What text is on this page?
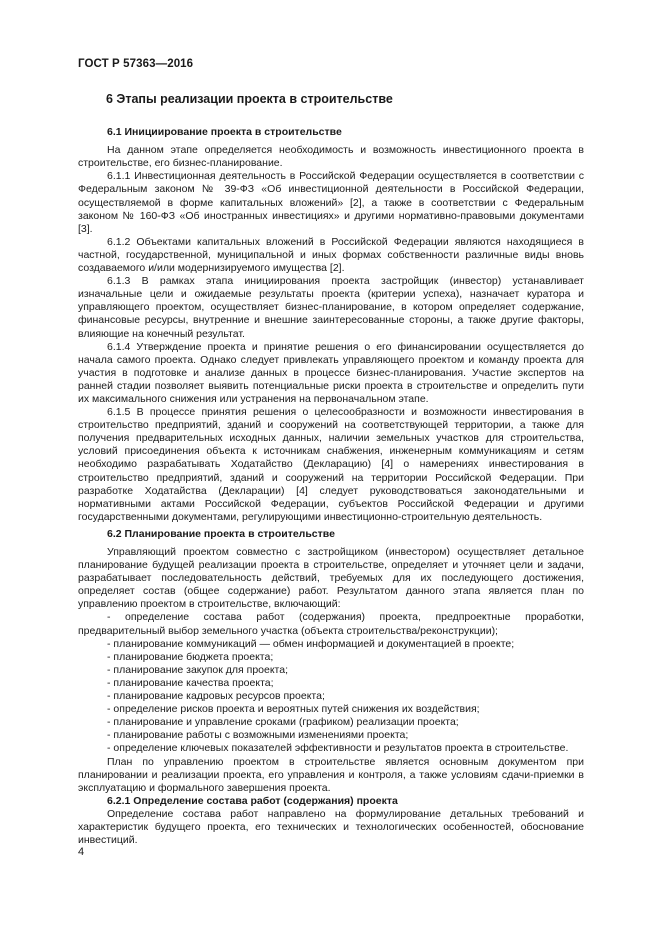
ГОСТ Р 57363—2016

6 Этапы реализации проекта в строительстве

6.1 Инициирование проекта в строительстве

На данном этапе определяется необходимость и возможность инвестиционного проекта в строительстве, его бизнес-планирование.

6.1.1 Инвестиционная деятельность в Российской Федерации осуществляется в соответствии с Федеральным законом № 39-ФЗ «Об инвестиционной деятельности в Российской Федерации, осуществляемой в форме капитальных вложений» [2], а также в соответствии с Федеральным законом № 160-ФЗ «Об иностранных инвестициях» и другими нормативно-правовыми документами [3].

6.1.2 Объектами капитальных вложений в Российской Федерации являются находящиеся в частной, государственной, муниципальной и иных формах собственности различные виды вновь создаваемого и/или модернизируемого имущества [2].

6.1.3 В рамках этапа инициирования проекта застройщик (инвестор) устанавливает изначальные цели и ожидаемые результаты проекта (критерии успеха), назначает куратора и управляющего проектом, осуществляет бизнес-планирование, в котором определяет содержание, финансовые ресурсы, внутренние и внешние заинтересованные стороны, а также другие факторы, влияющие на конечный результат.

6.1.4 Утверждение проекта и принятие решения о его финансировании осуществляется до начала самого проекта. Однако следует привлекать управляющего проектом и команду проекта для участия в подготовке и анализе данных в процессе бизнес-планирования. Участие экспертов на ранней стадии позволяет выявить потенциальные риски проекта в строительстве и определить пути их максимального снижения или устранения на первоначальном этапе.

6.1.5 В процессе принятия решения о целесообразности и возможности инвестирования в строительство предприятий, зданий и сооружений на соответствующей территории, а также для получения предварительных исходных данных, наличии земельных участков для строительства, условий присоединения объекта к источникам снабжения, инженерным коммуникациям и сетям необходимо разрабатывать Ходатайство (Декларацию) [4] о намерениях инвестирования в строительство предприятий, зданий и сооружений на территории Российской Федерации. При разработке Ходатайства (Декларации) [4] следует руководствоваться законодательными и нормативными актами Российской Федерации, субъектов Российской Федерации и другими государственными документами, регулирующими инвестиционно-строительную деятельность.

6.2 Планирование проекта в строительстве

Управляющий проектом совместно с застройщиком (инвестором) осуществляет детальное планирование будущей реализации проекта в строительстве, определяет и уточняет цели и задачи, разрабатывает последовательность действий, требуемых для их последующего достижения, определяет состав (общее содержание) работ. Результатом данного этапа является план по управлению проектом в строительстве, включающий:

- определение состава работ (содержания) проекта, предпроектные проработки, предварительный выбор земельного участка (объекта строительства/реконструкции);

- планирование коммуникаций — обмен информацией и документацией в проекте;

- планирование бюджета проекта;

- планирование закупок для проекта;

- планирование качества проекта;

- планирование кадровых ресурсов проекта;

- определение рисков проекта и вероятных путей снижения их воздействия;

- планирование и управление сроками (графиком) реализации проекта;

- планирование работы с возможными изменениями проекта;

- определение ключевых показателей эффективности и результатов проекта в строительстве.

План по управлению проектом в строительстве является основным документом при планировании и реализации проекта, его управления и контроля, а также условиям сдачи-приемки в эксплуатацию и формального завершения проекта.

6.2.1 Определение состава работ (содержания) проекта

Определение состава работ направлено на формулирование детальных требований и характеристик будущего проекта, его технических и технологических особенностей, обоснование инвестиций.

4
